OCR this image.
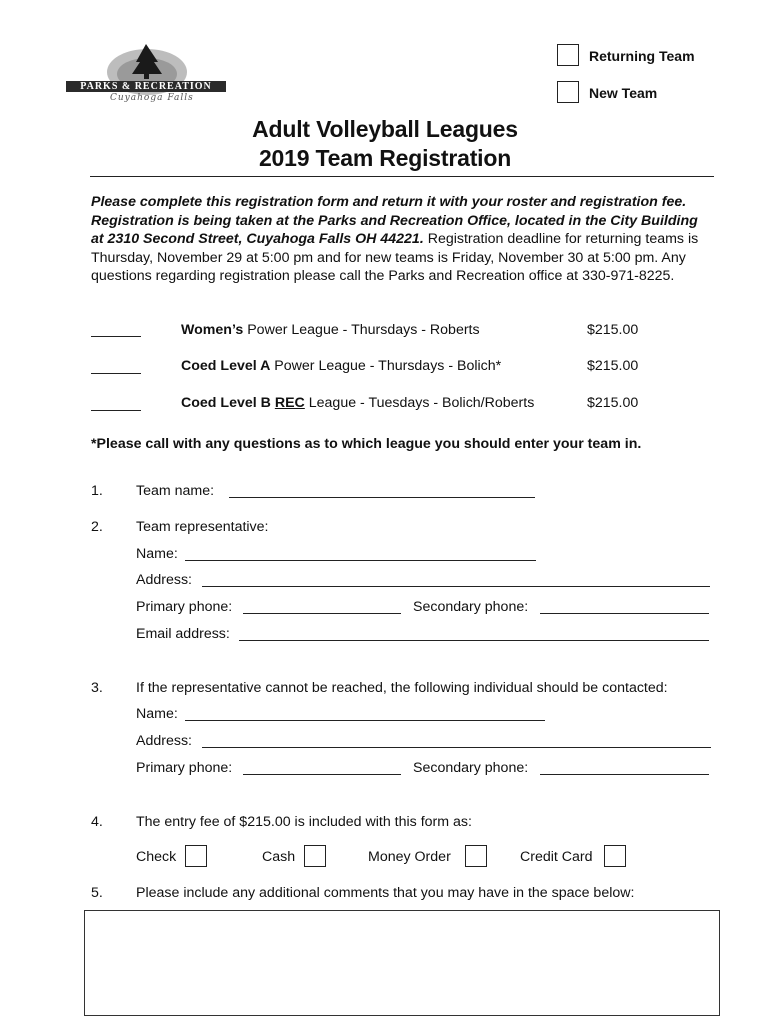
PARKS & RECREATION
Cuyahoga Falls
Returning Team
New Team
Adult Volleyball Leagues
2019 Team Registration
Please complete this registration form and return it with your roster and registration fee. Registration is being taken at the Parks and Recreation Office, located in the City Building at 2310 Second Street, Cuyahoga Falls OH 44221. Registration deadline for returning teams is Thursday, November 29 at 5:00 pm and for new teams is Friday, November 30 at 5:00 pm. Any questions regarding registration please call the Parks and Recreation office at 330-971-8225.
Women’s Power League - Thursdays - Roberts	$215.00
Coed Level A Power League - Thursdays - Bolich*	$215.00
Coed Level B REC League - Tuesdays - Bolich/Roberts	$215.00
*Please call with any questions as to which league you should enter your team in.
1. Team name:
2. Team representative:
Name:
Address:
Primary phone:	Secondary phone:
Email address:
3. If the representative cannot be reached, the following individual should be contacted:
Name:
Address:
Primary phone:	Secondary phone:
4. The entry fee of $215.00 is included with this form as:
Check	Cash	Money Order	Credit Card
5. Please include any additional comments that you may have in the space below:
